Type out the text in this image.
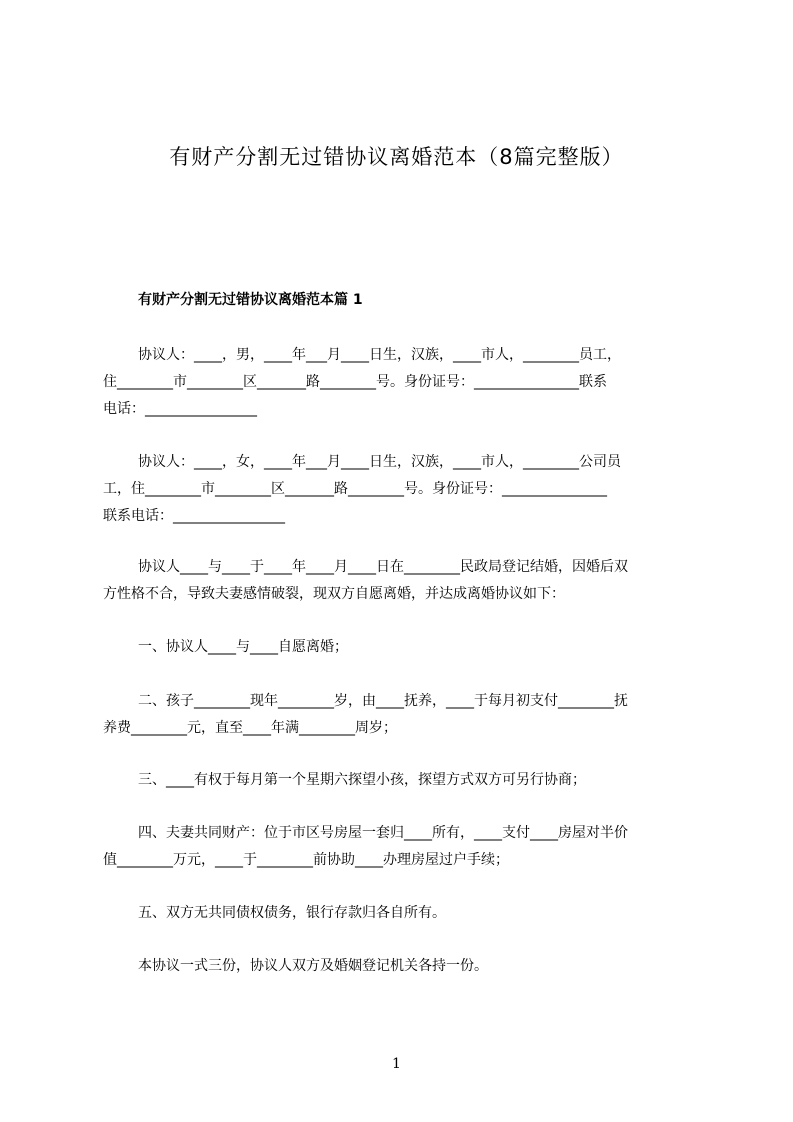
有财产分割无过错协议离婚范本（8篇完整版）
有财产分割无过错协议离婚范本篇 1
协议人：____，男，____年___月____日生，汉族，____市人，________员工，
住________市________区_______路________号。身份证号：_______________联系
电话：________________
协议人：____，女，____年___月____日生，汉族，____市人，________公司员
工，住________市________区_______路________号。身份证号：_______________
联系电话：________________
协议人____与____于____年____月____日在________民政局登记结婚，因婚后双
方性格不合，导致夫妻感情破裂，现双方自愿离婚，并达成离婚协议如下：
一、协议人____与____自愿离婚；
二、孩子________现年________岁，由____抚养，____于每月初支付________抚
养费________元，直至____年满________周岁；
三、____有权于每月第一个星期六探望小孩，探望方式双方可另行协商；
四、夫妻共同财产：位于市区号房屋一套归____所有，____支付____房屋对半价
值________万元，____于________前协助____办理房屋过户手续；
五、双方无共同债权债务，银行存款归各自所有。
本协议一式三份，协议人双方及婚姻登记机关各持一份。
1
